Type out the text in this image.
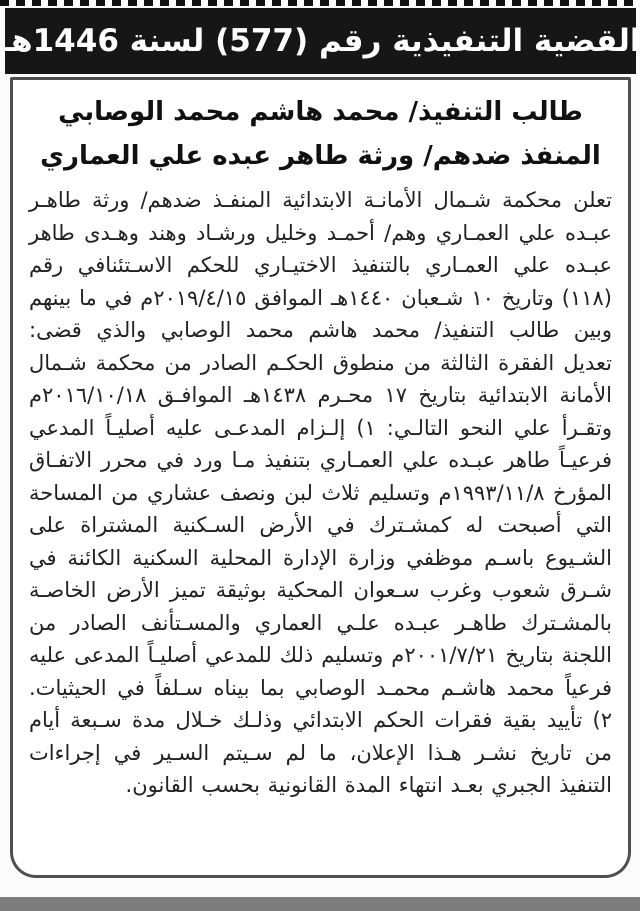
القضية التنفيذية رقم (577) لسنة 1446هـ
طالب التنفيذ/ محمد هاشم محمد الوصابي
المنفذ ضدهم/ ورثة طاهر عبده علي العماري

تعلن محكمة شـمال الأمانـة الابتدائية المنفـذ ضدهم/ ورثة طاهـر عبـده علي العمـاري وهم/ أحمـد وخليل ورشـاد وهند وهـدى طاهر عبـده علي العمـاري بالتنفيذ الاختيـاري للحكم الاسـتئنافي رقم (١١٨) وتاريخ ١٠ شـعبان ١٤٤٠هـ الموافق ٢٠١٩/٤/١٥م في ما بينهم وبين طالب التنفيذ/ محمد هاشم محمد الوصابي والذي قضى: تعديل الفقرة الثالثة من منطوق الحكـم الصادر من محكمة شـمال الأمانة الابتدائية بتاريخ ١٧ محـرم ١٤٣٨هـ الموافـق ٢٠١٦/١٠/١٨م وتقـرأ علي النحو التالـي: ١) إلـزام المدعـى عليه أصليـاً المدعي فرعيـاً طاهر عبـده علي العمـاري بتنفيذ مـا ورد في محرر الاتفـاق المؤرخ ١٩٩٣/١١/٨م وتسليم ثلاث لبن ونصف عشاري من المساحة التي أصبحت له كمشـترك في الأرض السـكنية المشتراة على الشـيوع باسـم موظفي وزارة الإدارة المحلية السكنية الكائنة في شـرق شعوب وغرب سـعوان المحكية بوثيقة تميز الأرض الخاصـة بالمشـترك طاهـر عبـده علـي العماري والمسـتأنف الصادر من اللجنة بتاريخ ٢٠٠١/٧/٢١م وتسليم ذلك للمدعي أصليـاً المدعى عليه فرعياً محمد هاشـم محمـد الوصابي بما بيناه سـلفاً في الحيثيات. ٢) تأييد بقية فقرات الحكم الابتدائي وذلـك خـلال مدة سـبعة أيام من تاريخ نشـر هـذا الإعلان، ما لم سـيتم السـير في إجراءات التنفيذ الجبري بعـد انتهاء المدة القانونية بحسب القانون.
